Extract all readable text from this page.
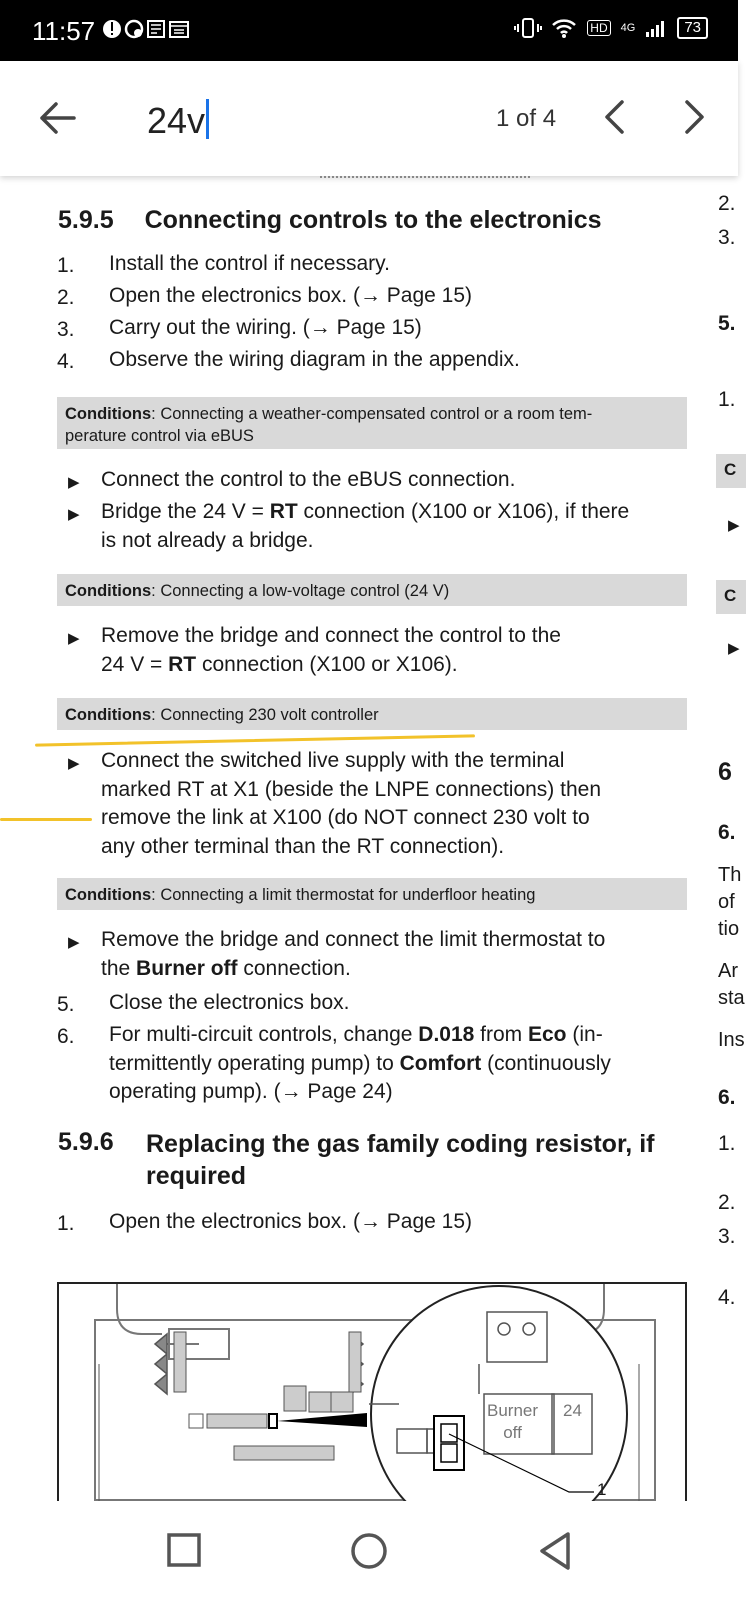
11:57	HD 4G	73
24v	1 of 4
5.9.5 Connecting controls to the electronics
1. Install the control if necessary.
2. Open the electronics box. (→ Page 15)
3. Carry out the wiring. (→ Page 15)
4. Observe the wiring diagram in the appendix.
Conditions: Connecting a weather-compensated control or a room tem-
perature control via eBUS
▶ Connect the control to the eBUS connection.
▶ Bridge the 24 V = RT connection (X100 or X106), if there
is not already a bridge.
Conditions: Connecting a low-voltage control (24 V)
▶ Remove the bridge and connect the control to the
24 V = RT connection (X100 or X106).
Conditions: Connecting 230 volt controller
▶ Connect the switched live supply with the terminal
marked RT at X1 (beside the LNPE connections) then
remove the link at X100 (do NOT connect 230 volt to
any other terminal than the RT connection).
Conditions: Connecting a limit thermostat for underfloor heating
▶ Remove the bridge and connect the limit thermostat to
the Burner off connection.
5. Close the electronics box.
6. For multi-circuit controls, change D.018 from Eco (in-
termittently operating pump) to Comfort (continuously
operating pump). (→ Page 24)
5.9.6 Replacing the gas family coding resistor, if
required
1. Open the electronics box. (→ Page 15)
2.
3.
5.
1.
C
▶
C
▶
6
6.
Th
of
tio
Ar
sta
Ins
6.
1.
2.
3.
4.
Burner
off
24
1
